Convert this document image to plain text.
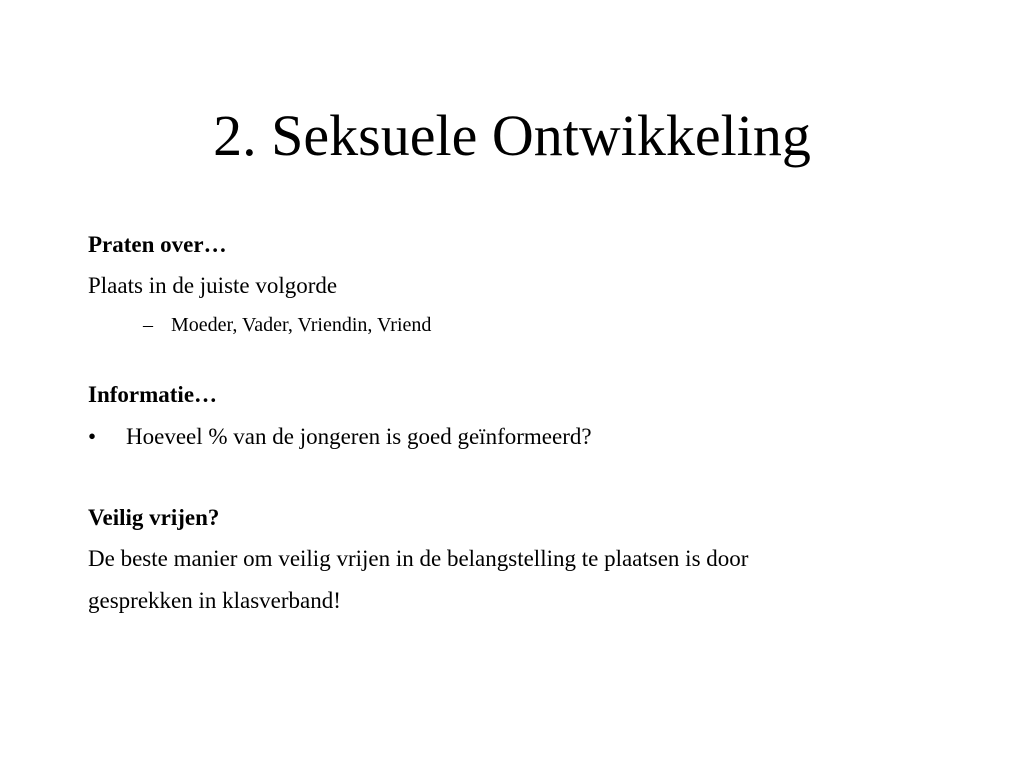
2. Seksuele Ontwikkeling
Praten over…
Plaats in de juiste volgorde
– Moeder, Vader, Vriendin, Vriend
Informatie…
• Hoeveel % van de jongeren is goed geïnformeerd?
Veilig vrijen?
De beste manier om veilig vrijen in de belangstelling te plaatsen is door
gesprekken in klasverband!
